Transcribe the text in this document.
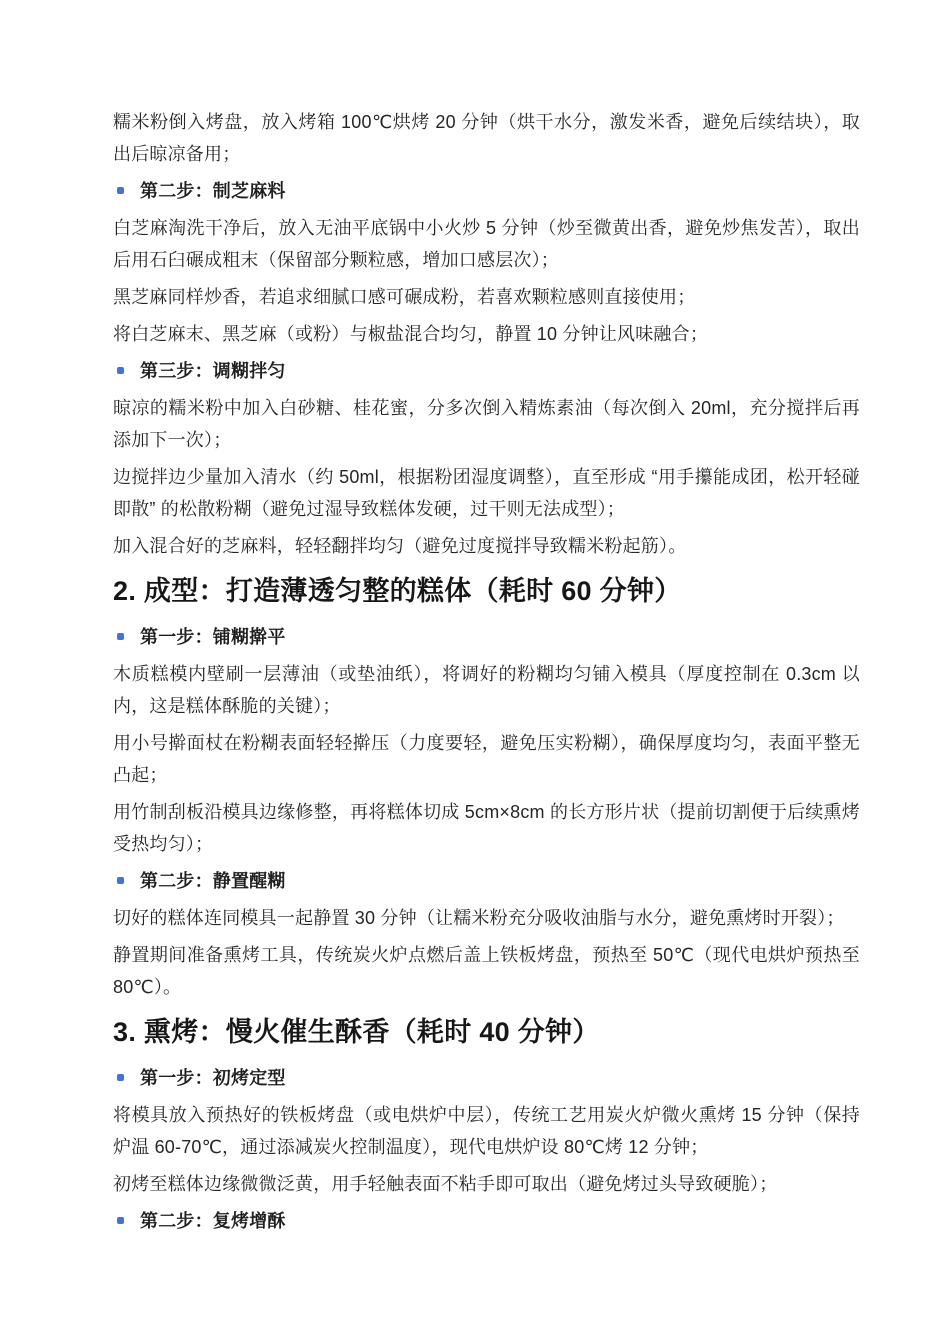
糯米粉倒入烤盘，放入烤箱 100℃烘烤 20 分钟（烘干水分，激发米香，避免后续结块），取出后晾凉备用；

第二步：制芝麻料

白芝麻淘洗干净后，放入无油平底锅中小火炒 5 分钟（炒至微黄出香，避免炒焦发苦），取出后用石臼碾成粗末（保留部分颗粒感，增加口感层次）；

黑芝麻同样炒香，若追求细腻口感可碾成粉，若喜欢颗粒感则直接使用；

将白芝麻末、黑芝麻（或粉）与椒盐混合均匀，静置 10 分钟让风味融合；

第三步：调糊拌匀

晾凉的糯米粉中加入白砂糖、桂花蜜，分多次倒入精炼素油（每次倒入 20ml，充分搅拌后再添加下一次）；

边搅拌边少量加入清水（约 50ml，根据粉团湿度调整），直至形成 “用手攥能成团，松开轻碰即散” 的松散粉糊（避免过湿导致糕体发硬，过干则无法成型）；

加入混合好的芝麻料，轻轻翻拌均匀（避免过度搅拌导致糯米粉起筋）。

2. 成型：打造薄透匀整的糕体（耗时 60 分钟）
第一步：铺糊擀平

木质糕模内壁刷一层薄油（或垫油纸），将调好的粉糊均匀铺入模具（厚度控制在 0.3cm 以内，这是糕体酥脆的关键）；

用小号擀面杖在粉糊表面轻轻擀压（力度要轻，避免压实粉糊），确保厚度均匀，表面平整无凸起；

用竹制刮板沿模具边缘修整，再将糕体切成 5cm×8cm 的长方形片状（提前切割便于后续熏烤受热均匀）；

第二步：静置醒糊

切好的糕体连同模具一起静置 30 分钟（让糯米粉充分吸收油脂与水分，避免熏烤时开裂）；

静置期间准备熏烤工具，传统炭火炉点燃后盖上铁板烤盘，预热至 50℃（现代电烘炉预热至 80℃）。

3. 熏烤：慢火催生酥香（耗时 40 分钟）
第一步：初烤定型

将模具放入预热好的铁板烤盘（或电烘炉中层），传统工艺用炭火炉微火熏烤 15 分钟（保持炉温 60-70℃，通过添减炭火控制温度），现代电烘炉设 80℃烤 12 分钟；

初烤至糕体边缘微微泛黄，用手轻触表面不粘手即可取出（避免烤过头导致硬脆）；

第二步：复烤增酥
